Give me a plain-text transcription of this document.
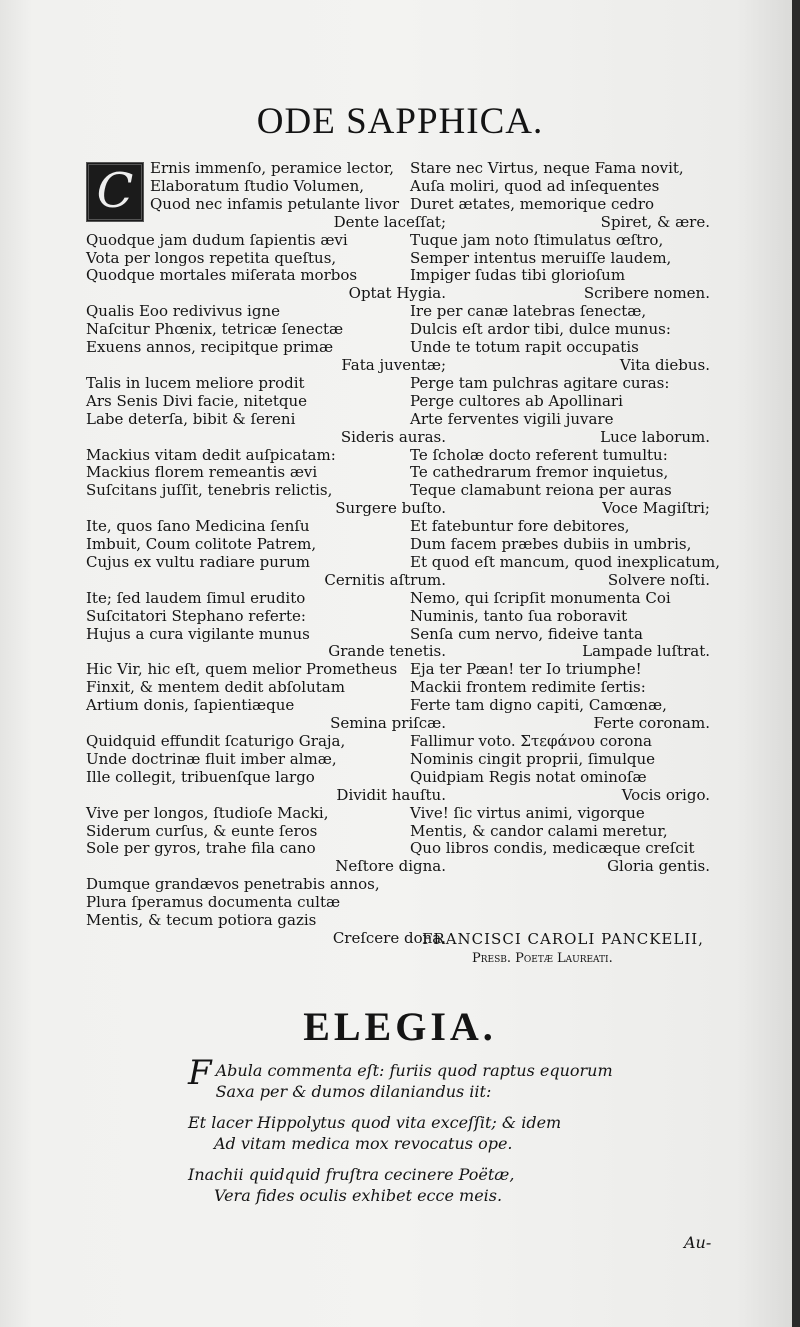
ODE SAPPHICA.
C	Ernis immenſo, peramice lector,
Elaboratum ſtudio Volumen,
Quod nec infamis petulante livor
Dente laceſſat;
Quodque jam dudum ſapientis ævi
Vota per longos repetita queſtus,
Quodque mortales miſerata morbos
Optat Hygia.
Qualis Eoo redivivus igne
Naſcitur Phœnix, tetricæ ſenectæ
Exuens annos, recipitque primæ
Fata juventæ;
Talis in lucem meliore prodit
Ars Senis Divi facie, nitetque
Labe deterſa, bibit & ſereni
Sideris auras.
Mackius vitam dedit auſpicatam:
Mackius florem remeantis ævi
Suſcitans juſſit, tenebris relictis,
Surgere buſto.
Ite, quos ſano Medicina ſenſu
Imbuit, Coum colitote Patrem,
Cujus ex vultu radiare purum
Cernitis aſtrum.
Ite; ſed laudem ſimul erudito
Suſcitatori Stephano referte:
Hujus a cura vigilante munus
Grande tenetis.
Hic Vir, hic eſt, quem melior Prometheus
Finxit, & mentem dedit abſolutam
Artium donis, ſapientiæque
Semina priſcæ.
Quidquid effundit ſcaturigo Graja,
Unde doctrinæ fluit imber almæ,
Ille collegit, tribuenſque largo
Dividit hauſtu.
Vive per longos, ſtudioſe Macki,
Siderum curſus, & eunte ſeros
Sole per gyros, trahe fila cano
Neſtore digna.
Dumque grandævos penetrabis annos,
Plura ſperamus documenta cultæ
Mentis, & tecum potiora gazis
Creſcere dona.
Stare nec Virtus, neque Fama novit,
Auſa moliri, quod ad inſequentes
Duret ætates, memorique cedro
Spiret, & ære.
Tuque jam noto ſtimulatus œſtro,
Semper intentus meruiſſe laudem,
Impiger ſudas tibi glorioſum
Scribere nomen.
Ire per canæ latebras ſenectæ,
Dulcis eſt ardor tibi, dulce munus:
Unde te totum rapit occupatis
Vita diebus.
Perge tam pulchras agitare curas:
Perge cultores ab Apollinari
Arte ferventes vigili juvare
Luce laborum.
Te ſcholæ docto referent tumultu:
Te cathedrarum fremor inquietus,
Teque clamabunt reiona per auras
Voce Magiſtri;
Et fatebuntur fore debitores,
Dum facem præbes dubiis in umbris,
Et quod eſt mancum, quod inexplicatum,
Solvere noſti.
Nemo, qui ſcripſit monumenta Coi
Numinis, tanto ſua roboravit
Senſa cum nervo, fideive tanta
Lampade luſtrat.
Eja ter Pæan! ter Io triumphe!
Mackii frontem redimite ſertis:
Ferte tam digno capiti, Camœnæ,
Ferte coronam.
Fallimur voto. Στεφάνου corona
Nominis cingit proprii, ſimulque
Quidpiam Regis notat ominoſæ
Vocis origo.
Vive! ſic virtus animi, vigorque
Mentis, & candor calami meretur,
Quo libros condis, medicæque creſcit
Gloria gentis.
FRANCISCI CAROLI PANCKELII,
Presb. Poetæ Laureati.
ELEGIA.
F Abula commenta eſt: furiis quod raptus equorum
Saxa per & dumos dilaniandus iit:
Et lacer Hippolytus quod vita exceſſit; & idem
Ad vitam medica mox revocatus ope.
Inachii quidquid fruſtra cecinere Poëtæ,
Vera fides oculis exhibet ecce meis.
Au-
